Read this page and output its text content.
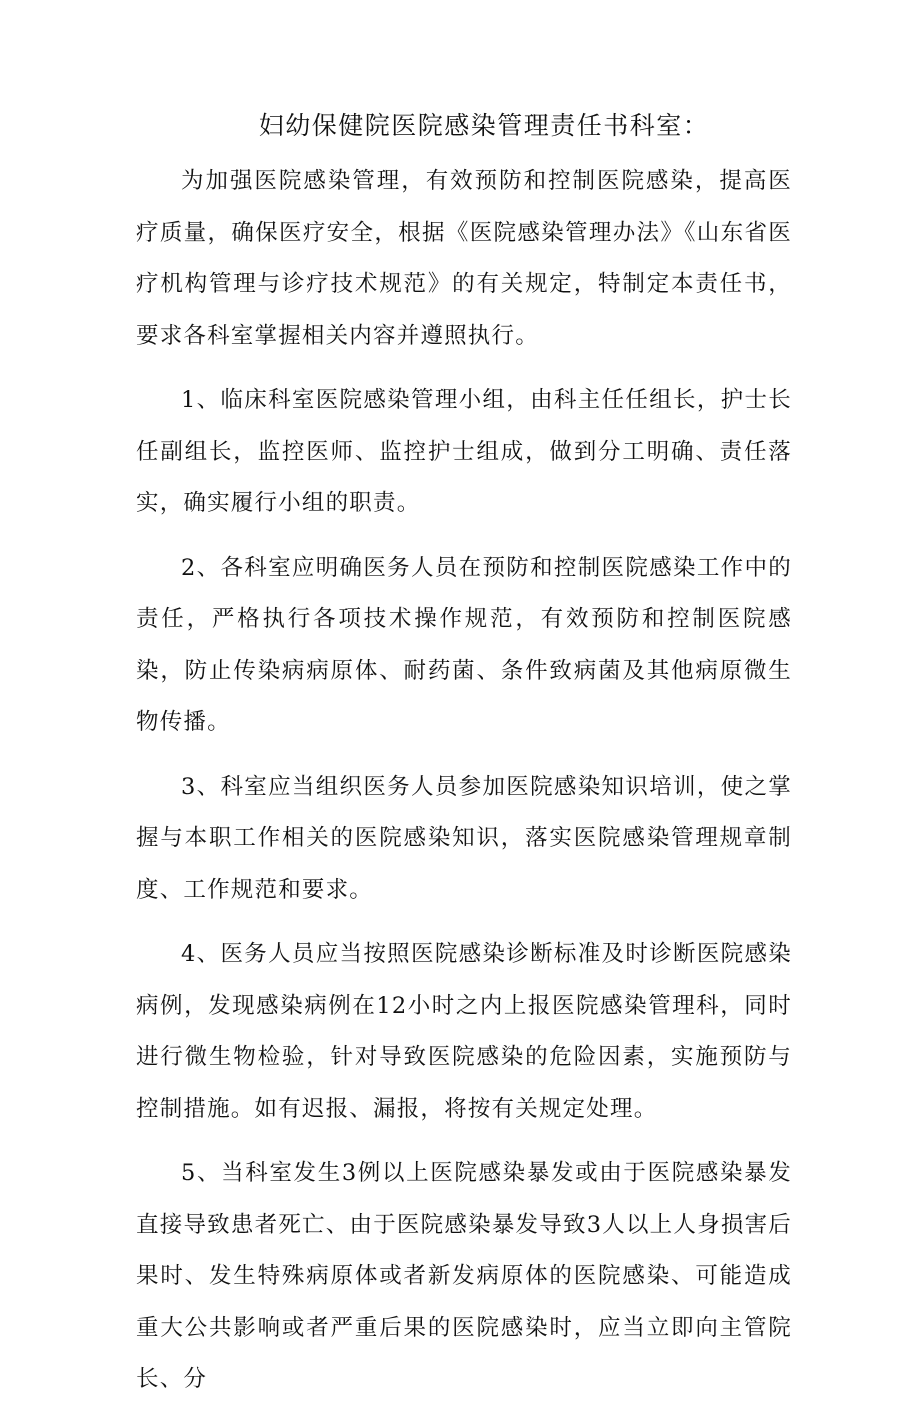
妇幼保健院医院感染管理责任书科室：

为加强医院感染管理，有效预防和控制医院感染，提高医疗质量，确保医疗安全，根据《医院感染管理办法》《山东省医疗机构管理与诊疗技术规范》的有关规定，特制定本责任书，要求各科室掌握相关内容并遵照执行。

1、临床科室医院感染管理小组，由科主任任组长，护士长任副组长，监控医师、监控护士组成，做到分工明确、责任落实，确实履行小组的职责。

2、各科室应明确医务人员在预防和控制医院感染工作中的责任，严格执行各项技术操作规范，有效预防和控制医院感染，防止传染病病原体、耐药菌、条件致病菌及其他病原微生物传播。

3、科室应当组织医务人员参加医院感染知识培训，使之掌握与本职工作相关的医院感染知识，落实医院感染管理规章制度、工作规范和要求。

4、医务人员应当按照医院感染诊断标准及时诊断医院感染病例，发现感染病例在12小时之内上报医院感染管理科，同时进行微生物检验，针对导致医院感染的危险因素，实施预防与控制措施。如有迟报、漏报，将按有关规定处理。

5、当科室发生3例以上医院感染暴发或由于医院感染暴发直接导致患者死亡、由于医院感染暴发导致3人以上人身损害后果时、发生特殊病原体或者新发病原体的医院感染、可能造成重大公共影响或者严重后果的医院感染时，应当立即向主管院长、分
